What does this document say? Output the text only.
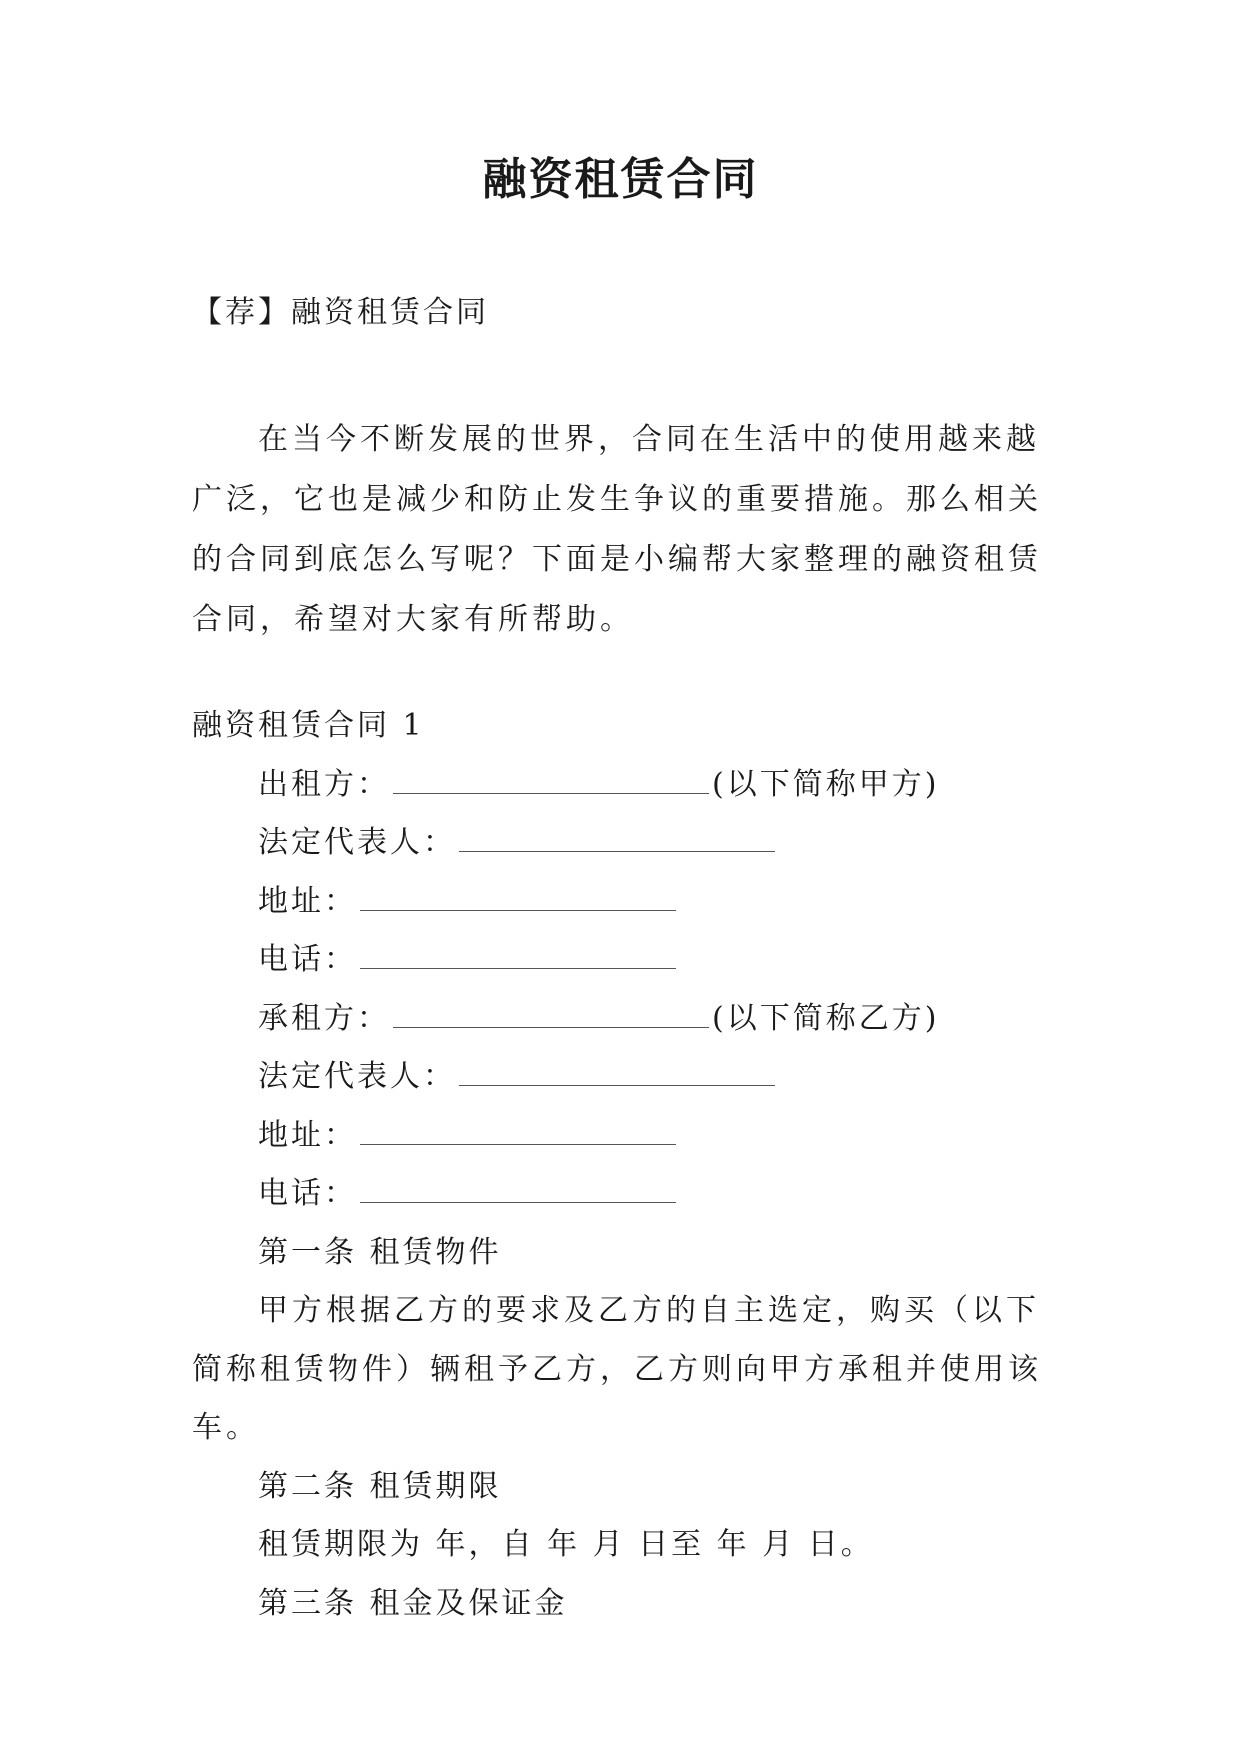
融资租赁合同
【荐】融资租赁合同

在当今不断发展的世界，合同在生活中的使用越来越广泛，它也是减少和防止发生争议的重要措施。那么相关的合同到底怎么写呢？下面是小编帮大家整理的融资租赁合同，希望对大家有所帮助。

融资租赁合同 1
出租方：	(以下简称甲方)
法定代表人：
地址：
电话：
承租方：	(以下简称乙方)
法定代表人：
地址：
电话：
第一条 租赁物件

甲方根据乙方的要求及乙方的自主选定，购买（以下简称租赁物件）辆租予乙方，乙方则向甲方承租并使用该车。

第二条 租赁期限
租赁期限为 年，自 年 月 日至 年 月 日。
第三条 租金及保证金
